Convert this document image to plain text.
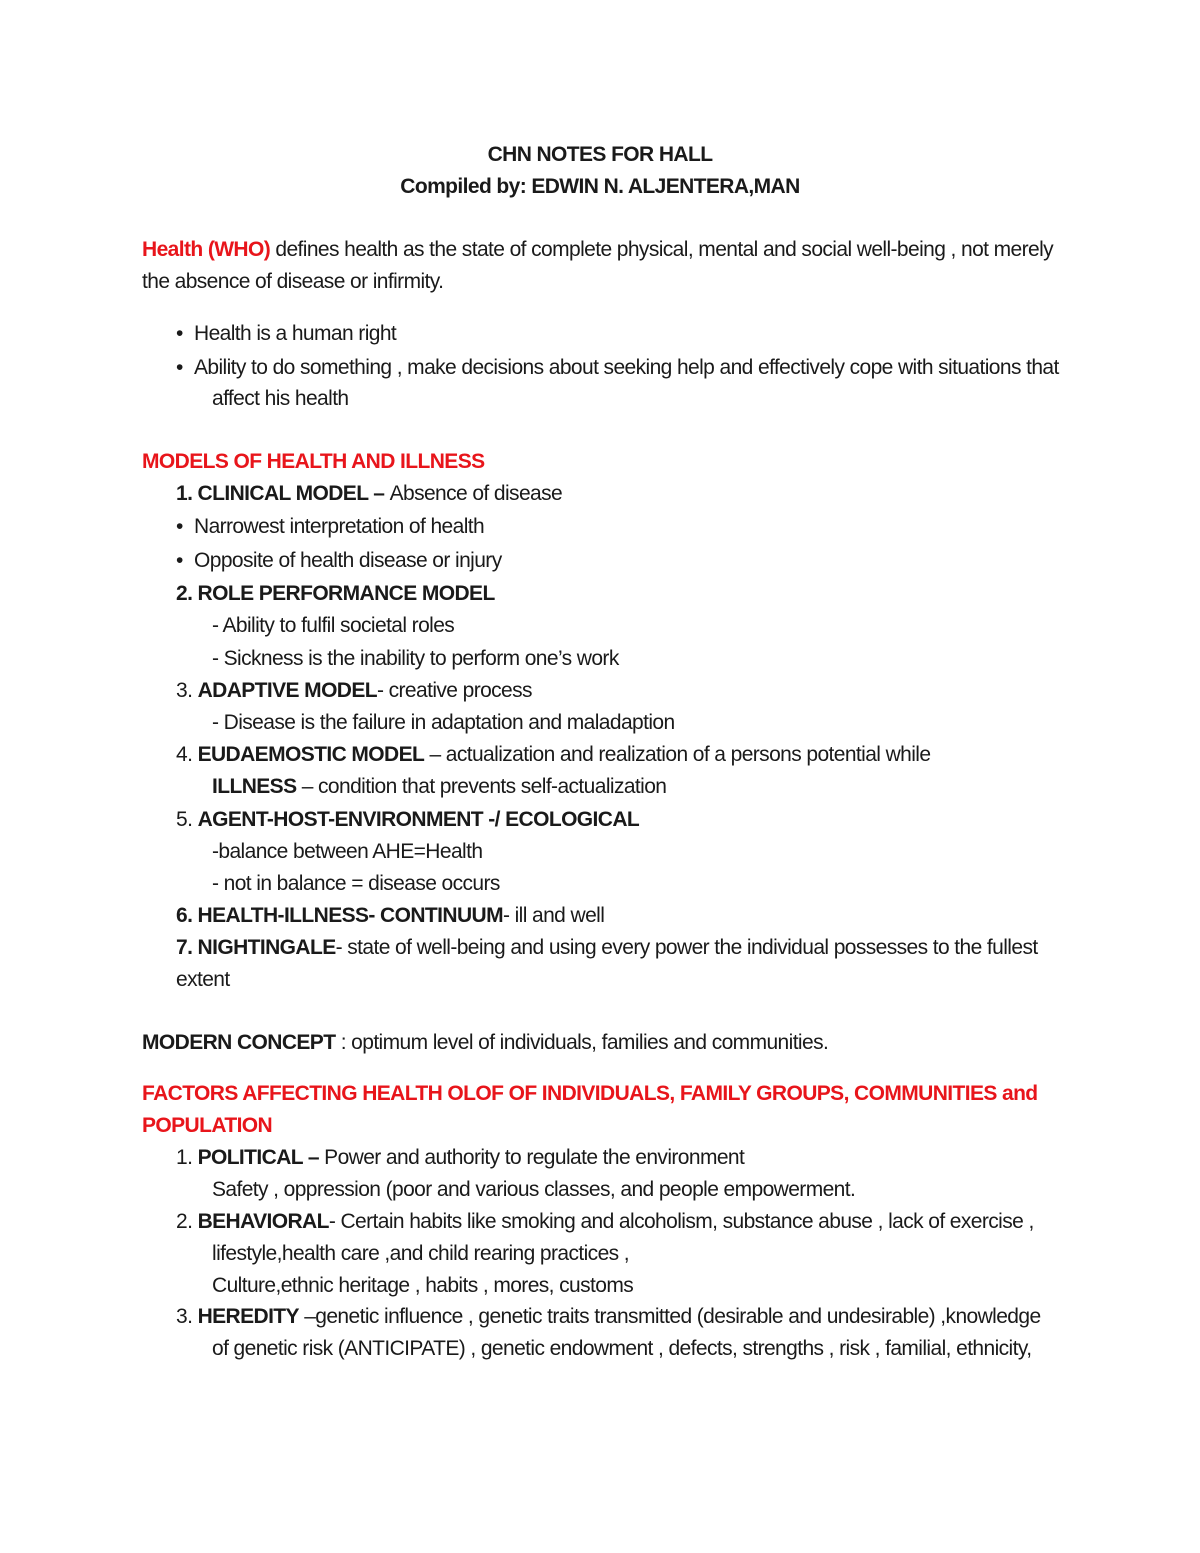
CHN NOTES FOR HALL
Compiled by: EDWIN N. ALJENTERA,MAN
Health (WHO) defines health as the state of complete physical, mental and social well-being , not merely
the absence of disease or infirmity.
• Health is a human right
• Ability to do something , make decisions about seeking help and effectively cope with situations that
affect his health
MODELS OF HEALTH AND ILLNESS
1. CLINICAL MODEL – Absence of disease
• Narrowest interpretation of health
• Opposite of health disease or injury
2. ROLE PERFORMANCE MODEL
- Ability to fulfil societal roles
- Sickness is the inability to perform one’s work
3. ADAPTIVE MODEL- creative process
- Disease is the failure in adaptation and maladaption
4. EUDAEMOSTIC MODEL – actualization and realization of a persons potential while
ILLNESS – condition that prevents self-actualization
5. AGENT-HOST-ENVIRONMENT -/ ECOLOGICAL
-balance between AHE=Health
- not in balance = disease occurs
6. HEALTH-ILLNESS- CONTINUUM- ill and well
7. NIGHTINGALE- state of well-being and using every power the individual possesses to the fullest
extent
MODERN CONCEPT : optimum level of individuals, families and communities.
FACTORS AFFECTING HEALTH OLOF OF INDIVIDUALS, FAMILY GROUPS, COMMUNITIES and
POPULATION
1. POLITICAL – Power and authority to regulate the environment
Safety , oppression (poor and various classes, and people empowerment.
2. BEHAVIORAL- Certain habits like smoking and alcoholism, substance abuse , lack of exercise ,
lifestyle,health care ,and child rearing practices ,
Culture,ethnic heritage , habits , mores, customs
3. HEREDITY –genetic influence , genetic traits transmitted (desirable and undesirable) ,knowledge
of genetic risk (ANTICIPATE) , genetic endowment , defects, strengths , risk , familial, ethnicity,
